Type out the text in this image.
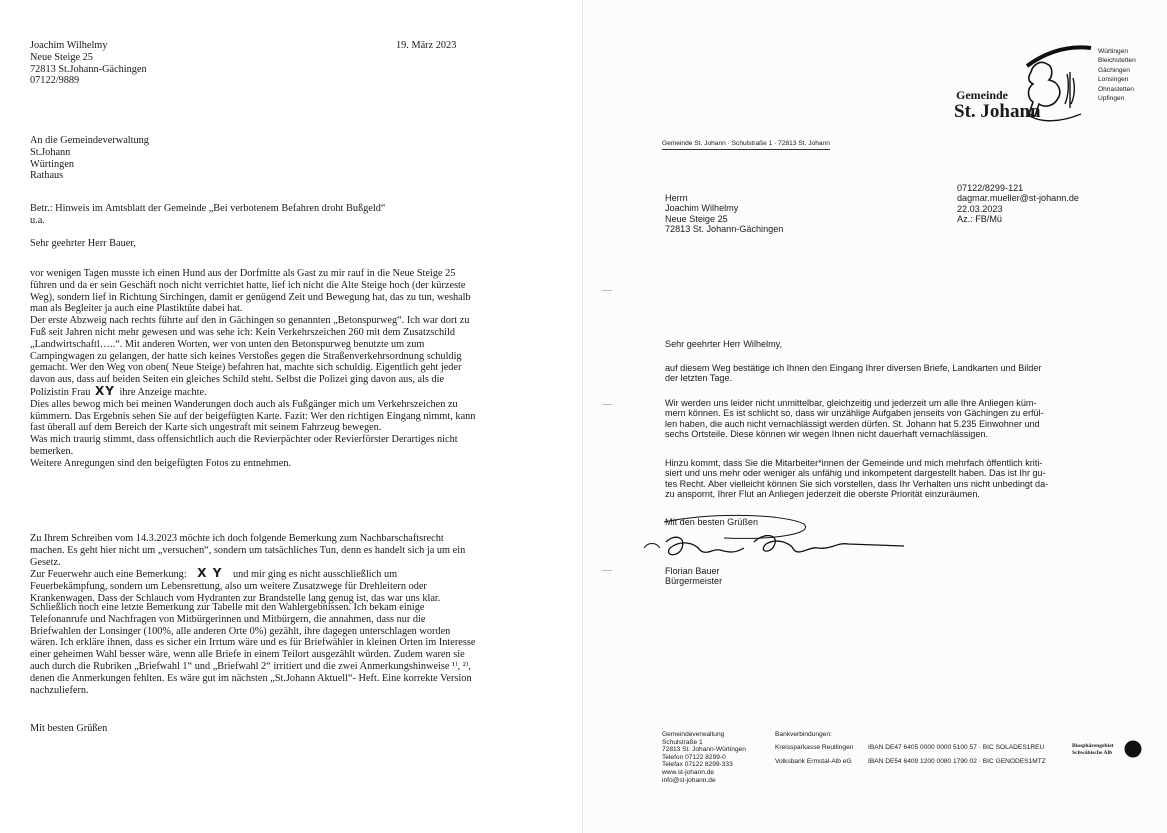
Joachim Wilhelmy
Neue Steige 25
72813 St.Johann-Gächingen
07122/9889
19. März 2023
An die Gemeindeverwaltung
St.Johann
Würtingen
Rathaus
Betr.: Hinweis im Amtsblatt der Gemeinde „Bei verbotenem Befahren droht Bußgeld“
u.a.
Sehr geehrter Herr Bauer,

vor wenigen Tagen musste ich einen Hund aus der Dorfmitte als Gast zu mir rauf in die Neue Steige 25

führen und da er sein Geschäft noch nicht verrichtet hatte, lief ich nicht die Alte Steige hoch (der kürzeste

Weg), sondern lief in Richtung Sirchingen, damit er genügend Zeit und Bewegung hat, das zu tun, weshalb

man als Begleiter ja auch eine Plastiktüte dabei hat.

Der erste Abzweig nach rechts führte auf den in Gächingen so genannten „Betonspurweg“. Ich war dort zu

Fuß seit Jahren nicht mehr gewesen und was sehe ich: Kein Verkehrszeichen 260 mit dem Zusatzschild

„Landwirtschaftl…..“. Mit anderen Worten, wer von unten den Betonspurweg benutzte um zum

Campingwagen zu gelangen, der hatte sich keines Verstoßes gegen die Straßenverkehrsordnung schuldig

gemacht. Wer den Weg von oben( Neue Steige) befahren hat, machte sich schuldig. Eigentlich geht jeder

davon aus, dass auf beiden Seiten ein gleiches Schild steht. Selbst die Polizei ging davon aus, als die

Polizistin Frau XY ihre Anzeige machte.

Dies alles bewog mich bei meinen Wanderungen doch auch als Fußgänger mich um Verkehrszeichen zu

kümmern. Das Ergebnis sehen Sie auf der beigefügten Karte. Fazit: Wer den richtigen Eingang nimmt, kann

fast überall auf dem Bereich der Karte sich ungestraft mit seinem Fahrzeug bewegen.

Was mich traurig stimmt, dass offensichtlich auch die Revierpächter oder Revierförster Derartiges nicht

bemerken.

Weitere Anregungen sind den beigefügten Fotos zu entnehmen.

Zu Ihrem Schreiben vom 14.3.2023 möchte ich doch folgende Bemerkung zum Nachbarschaftsrecht

machen. Es geht hier nicht um „versuchen“, sondern um tatsächliches Tun, denn es handelt sich ja um ein

Gesetz.

Zur Feuerwehr auch eine Bemerkung: X Y und mir ging es nicht ausschließlich um

Feuerbekämpfung, sondern um Lebensrettung, also um weitere Zusatzwege für Drehleitern oder

Krankenwagen. Dass der Schlauch vom Hydranten zur Brandstelle lang genug ist, das war uns klar.

Schließlich noch eine letzte Bemerkung zur Tabelle mit den Wahlergebnissen. Ich bekam einige

Telefonanrufe und Nachfragen von Mitbürgerinnen und Mitbürgern, die annahmen, dass nur die

Briefwahlen der Lonsinger (100%, alle anderen Orte 0%) gezählt, ihre dagegen unterschlagen worden

wären. Ich erkläre ihnen, dass es sicher ein Irrtum wäre und es für Briefwähler in kleinen Orten im Interesse

einer geheimen Wahl besser wäre, wenn alle Briefe in einem Teilort ausgezählt würden. Zudem waren sie

auch durch die Rubriken „Briefwahl 1“ und „Briefwahl 2“ irritiert und die zwei Anmerkungshinweise ¹⁾, ²⁾,

denen die Anmerkungen fehlten. Es wäre gut im nächsten „St.Johann Aktuell“- Heft. Eine korrekte Version

nachzuliefern.

Mit besten Grüßen
Gemeinde
St. Johann
Würtingen
Bleichstetten
Gächingen
Lonsingen
Ohnastetten
Upfingen
Gemeinde St. Johann · Schulstraße 1 · 72813 St. Johann
Herrn
Joachim Wilhelmy
Neue Steige 25
72813 St. Johann-Gächingen
07122/8299-121
dagmar.mueller@st-johann.de
22.03.2023
Az.: FB/Mü
Sehr geehrter Herr Wilhelmy,

auf diesem Weg bestätige ich Ihnen den Eingang Ihrer diversen Briefe, Landkarten und Bilder

der letzten Tage.

Wir werden uns leider nicht unmittelbar, gleichzeitig und jederzeit um alle Ihre Anliegen küm-

mern können. Es ist schlicht so, dass wir unzählige Aufgaben jenseits von Gächingen zu erfül-

len haben, die auch nicht vernachlässigt werden dürfen. St. Johann hat 5.235 Einwohner und

sechs Ortsteile. Diese können wir wegen Ihnen nicht dauerhaft vernachlässigen.

Hinzu kommt, dass Sie die Mitarbeiter*innen der Gemeinde und mich mehrfach öffentlich kriti-

siert und uns mehr oder weniger als unfähig und inkompetent dargestellt haben. Das ist Ihr gu-

tes Recht. Aber vielleicht können Sie sich vorstellen, dass Ihr Verhalten uns nicht unbedingt da-

zu anspornt, Ihrer Flut an Anliegen jederzeit die oberste Priorität einzuräumen.

Mit den besten Grüßen
Florian Bauer
Bürgermeister
Gemeindeverwaltung
Schulstraße 1
72813 St. Johann-Würtingen
Telefon 07122 8299-0
Telefax 07122 8299-333
www.st-johann.de
info@st-johann.de
Bankverbindungen:
Kreissparkasse Reutlingen
Volksbank Ermstal-Alb eG
IBAN DE47 6405 0000 0000 5100 57 · BIC SOLADES1REU
IBAN DE54 6409 1200 0080 1790 02 · BIC GENODES1MTZ
Biosphärengebiet
Schwäbische Alb
